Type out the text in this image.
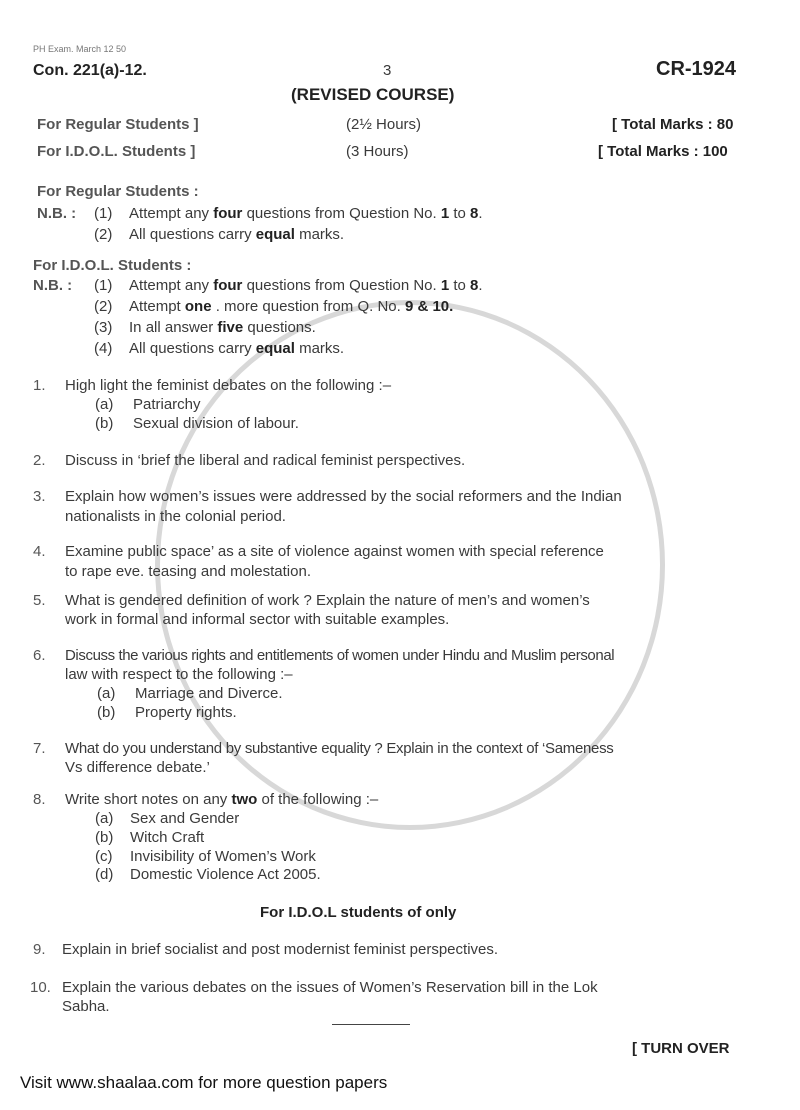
PH Exam. March 12 50
Con. 221(a)-12.	3	CR-1924
(REVISED COURSE)
For Regular Students ]	(2½ Hours)	[ Total Marks : 80
For I.D.O.L. Students ]	(3 Hours)	[ Total Marks : 100
For Regular Students :
N.B. : (1) Attempt any four questions from Question No. 1 to 8.
(2) All questions carry equal marks.
For I.D.O.L. Students :
N.B. : (1) Attempt any four questions from Question No. 1 to 8.
(2) Attempt one . more question from Q. No. 9 & 10.
(3) In all answer five questions.
(4) All questions carry equal marks.
1. High light the feminist debates on the following :–
(a) Patriarchy
(b) Sexual division of labour.
2. Discuss in ‘brief the liberal and radical feminist perspectives.
3. Explain how women’s issues were addressed by the social reformers and the Indian
nationalists in the colonial period.
4. Examine public space’ as a site of violence against women with special reference
to rape eve. teasing and molestation.
5. What is gendered definition of work ? Explain the nature of men’s and women’s
work in formal and informal sector with suitable examples.
6. Discuss the various rights and entitlements of women under Hindu and Muslim personal
law with respect to the following :–
(a) Marriage and Diverce.
(b) Property rights.
7. What do you understand by substantive equality ? Explain in the context of ‘Sameness
Vs difference debate.’
8. Write short notes on any two of the following :–
(a) Sex and Gender
(b) Witch Craft
(c) Invisibility of Women’s Work
(d) Domestic Violence Act 2005.
For I.D.O.L students of only
9. Explain in brief socialist and post modernist feminist perspectives.
10. Explain the various debates on the issues of Women’s Reservation bill in the Lok
Sabha.
[ TURN OVER
Visit www.shaalaa.com for more question papers
